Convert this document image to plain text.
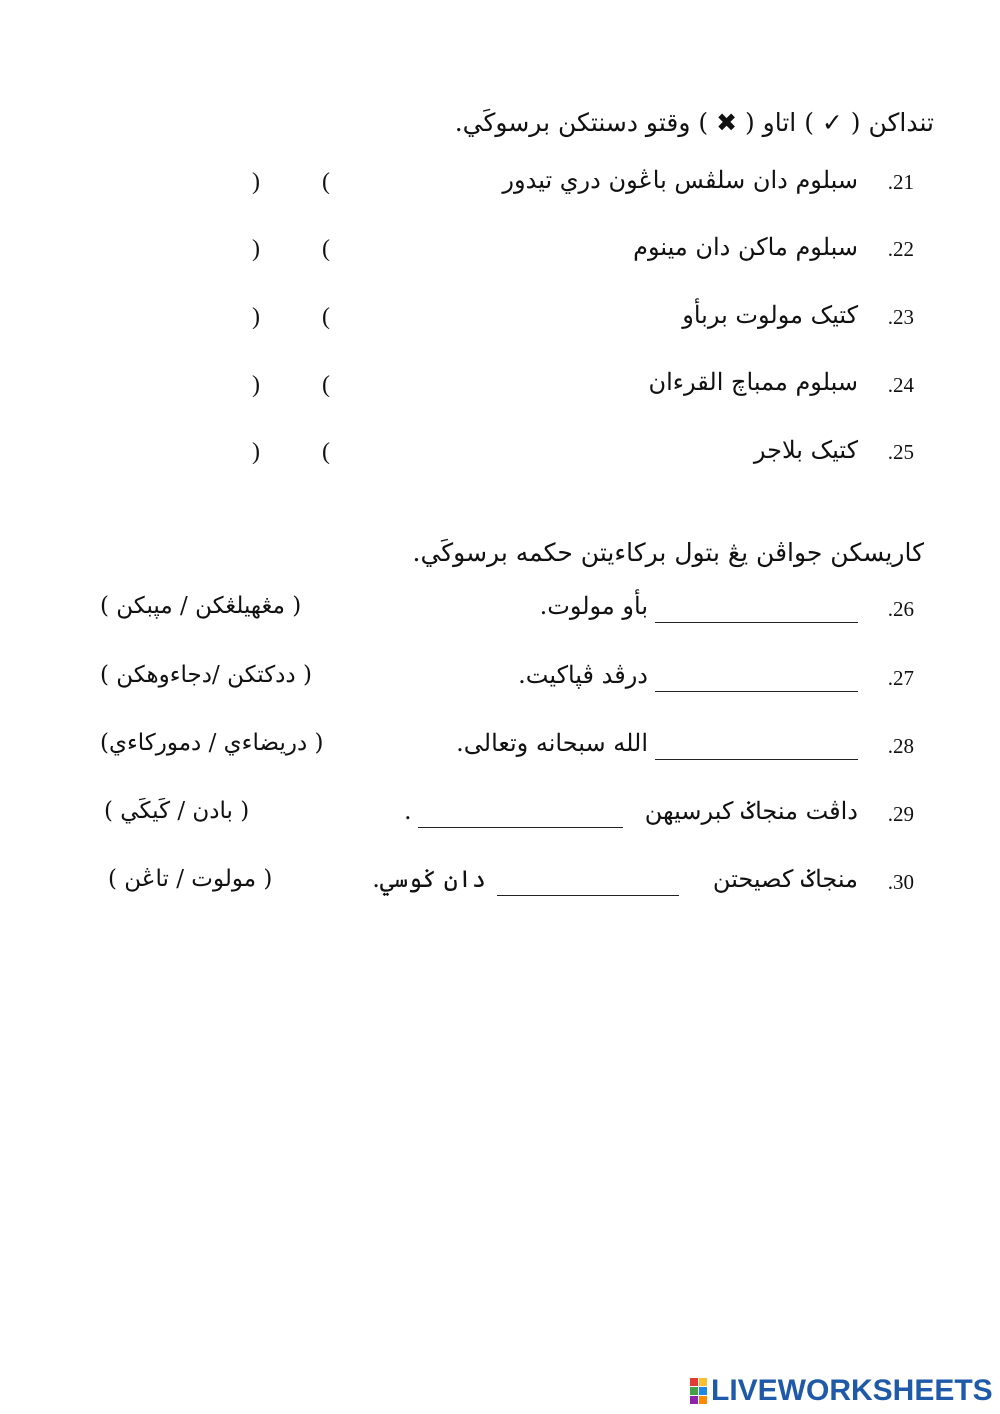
تنداكن ( ✓ ) اتاو ( ✖ ) وقتو دسنتكن برسوكَي.
.21
سبلوم دان سلڤس باڠون دري تيدور
(
)
.22
سبلوم ماکن دان مينوم
(
)
.23
كتيک مولوت بربأو
(
)
.24
سبلوم ممباچ القرءان
(
)
.25
كتيک بلاجر
(
)
كاريسكن جواڤن يڠ بتول برکاءيتن حكمه برسوكَي.
.26
بأو مولوت.
( مڠهيلڠكن / مپبكن )
.27
درڤد ڤپاكيت.
( ددكتكن /دجاءوهكن )
.28
الله سبحانه وتعالى.
( دريضاءي / دموركاءي)
.29
داڤت منجاݢ كبرسيهن
.
( بادن / كَيكَي )
.30
منجاݢ كصيحتن
دان ݢوسي.
( مولوت / تاڠن )
LIVEWORKSHEETS
